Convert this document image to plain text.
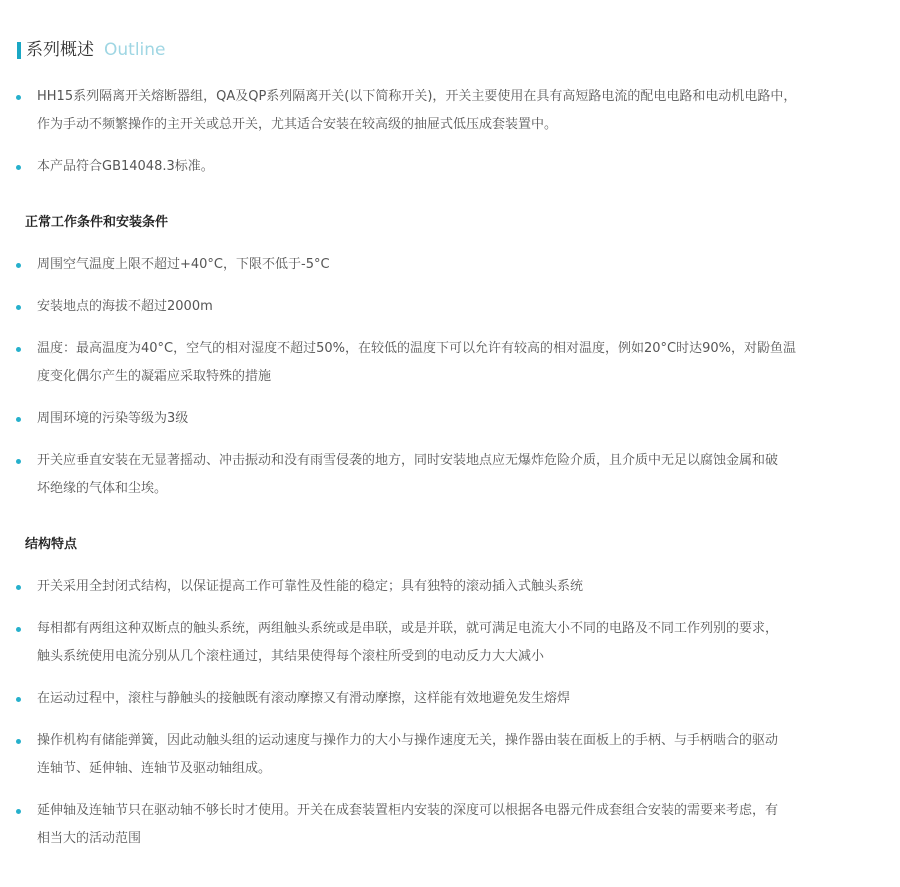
系列概述 Outline
HH15系列隔离开关熔断器组，QA及QP系列隔离开关(以下简称开关)，开关主要使用在具有高短路电流的配电电路和电动机电路中，
作为手动不频繁操作的主开关或总开关，尤其适合安装在较高级的抽屉式低压成套装置中。
本产品符合GB14048.3标准。
正常工作条件和安装条件
周围空气温度上限不超过+40°C，下限不低于-5°C
安装地点的海拔不超过2000m
温度：最高温度为40°C，空气的相对湿度不超过50%，在较低的温度下可以允许有较高的相对温度，例如20°C时达90%，对鼢鱼温
度变化偶尔产生的凝霜应采取特殊的措施
周围环境的污染等级为3级
开关应垂直安装在无显著摇动、冲击振动和没有雨雪侵袭的地方，同时安装地点应无爆炸危险介质，且介质中无足以腐蚀金属和破
坏绝缘的气体和尘埃。
结构特点
开关采用全封闭式结构，以保证提高工作可靠性及性能的稳定；具有独特的滚动插入式触头系统
每相都有两组这种双断点的触头系统，两组触头系统或是串联，或是并联，就可满足电流大小不同的电路及不同工作列别的要求，
触头系统使用电流分别从几个滚柱通过，其结果使得每个滚柱所受到的电动反力大大减小
在运动过程中，滚柱与静触头的接触既有滚动摩擦又有滑动摩擦，这样能有效地避免发生熔焊
操作机构有储能弹簧，因此动触头组的运动速度与操作力的大小与操作速度无关，操作器由装在面板上的手柄、与手柄啮合的驱动
连轴节、延伸轴、连轴节及驱动轴组成。
延伸轴及连轴节只在驱动轴不够长时才使用。开关在成套装置柜内安装的深度可以根据各电器元件成套组合安装的需要来考虑，有
相当大的活动范围
